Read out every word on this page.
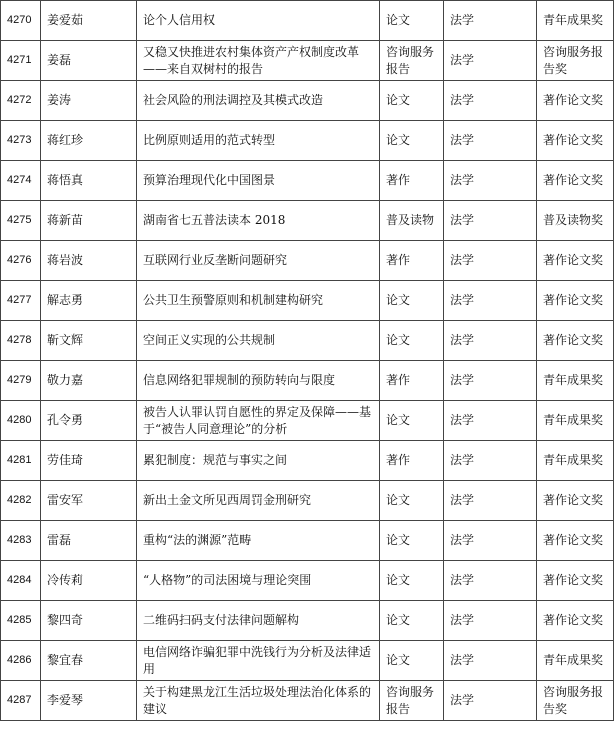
4270	姜爱茹	论个人信用权	论文	法学	青年成果奖
4271	姜磊	又稳又快推进农村集体资产产权制度改革——来自双树村的报告	咨询服务报告	法学	咨询服务报告奖
4272	姜涛	社会风险的刑法调控及其模式改造	论文	法学	著作论文奖
4273	蒋红珍	比例原则适用的范式转型	论文	法学	著作论文奖
4274	蒋悟真	预算治理现代化中国图景	著作	法学	著作论文奖
4275	蒋新苗	湖南省七五普法读本 2018	普及读物	法学	普及读物奖
4276	蒋岩波	互联网行业反垄断问题研究	著作	法学	著作论文奖
4277	解志勇	公共卫生预警原则和机制建构研究	论文	法学	著作论文奖
4278	靳文辉	空间正义实现的公共规制	论文	法学	著作论文奖
4279	敬力嘉	信息网络犯罪规制的预防转向与限度	著作	法学	青年成果奖
4280	孔令勇	被告人认罪认罚自愿性的界定及保障——基于“被告人同意理论”的分析	论文	法学	青年成果奖
4281	劳佳琦	累犯制度：规范与事实之间	著作	法学	青年成果奖
4282	雷安军	新出土金文所见西周罚金刑研究	论文	法学	著作论文奖
4283	雷磊	重构“法的渊源”范畴	论文	法学	著作论文奖
4284	冷传莉	“人格物”的司法困境与理论突围	论文	法学	著作论文奖
4285	黎四奇	二维码扫码支付法律问题解构	论文	法学	著作论文奖
4286	黎宜春	电信网络诈骗犯罪中洗钱行为分析及法律适用	论文	法学	青年成果奖
4287	李爱琴	关于构建黑龙江生活垃圾处理法治化体系的建议	咨询服务报告	法学	咨询服务报告奖
